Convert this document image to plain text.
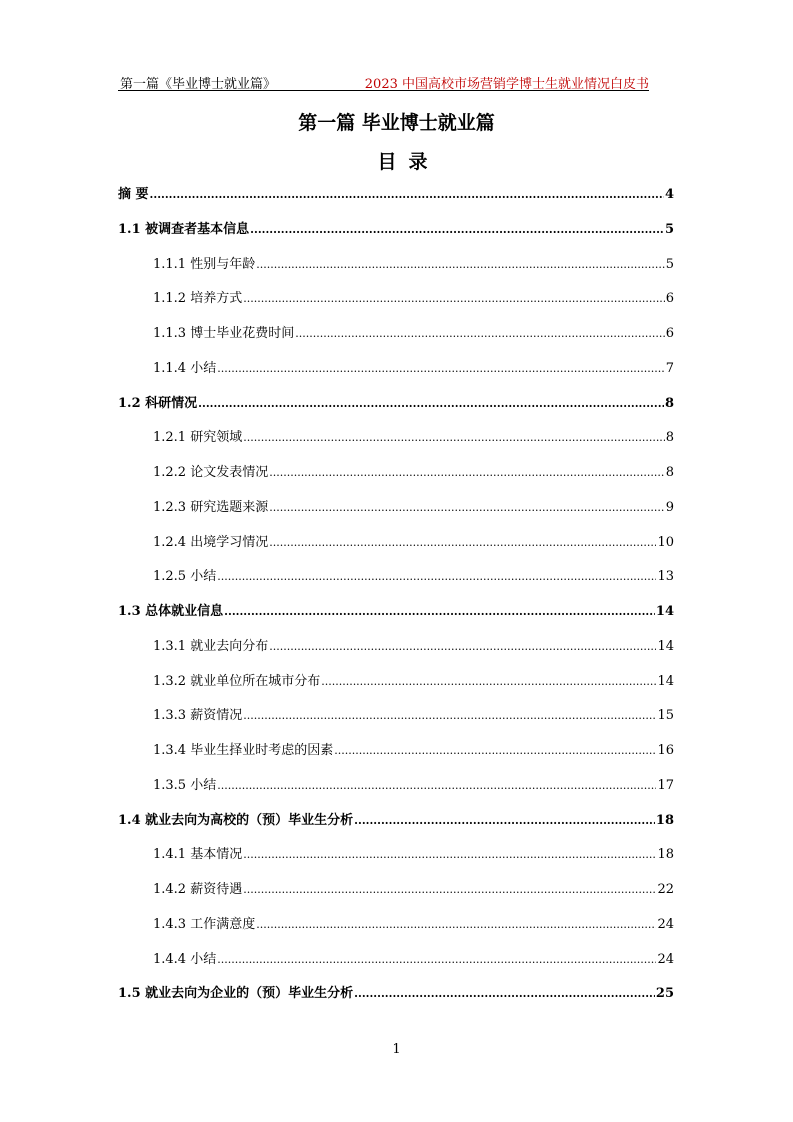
第一篇《毕业博士就业篇》	2023 中国高校市场营销学博士生就业情况白皮书
第一篇 毕业博士就业篇
目录
摘 要 .....	4
1.1 被调查者基本信息 .....	5
1.1.1 性别与年龄 .....	5
1.1.2 培养方式 .....	6
1.1.3 博士毕业花费时间 .....	6
1.1.4 小结 .....	7
1.2 科研情况 .....	8
1.2.1 研究领域 .....	8
1.2.2 论文发表情况 .....	8
1.2.3 研究选题来源 .....	9
1.2.4 出境学习情况 .....	10
1.2.5 小结 .....	13
1.3 总体就业信息 .....	14
1.3.1 就业去向分布 .....	14
1.3.2 就业单位所在城市分布 .....	14
1.3.3 薪资情况 .....	15
1.3.4 毕业生择业时考虑的因素 .....	16
1.3.5 小结 .....	17
1.4 就业去向为高校的（预）毕业生分析 .....	18
1.4.1 基本情况 .....	18
1.4.2 薪资待遇 .....	22
1.4.3 工作满意度 .....	24
1.4.4 小结 .....	24
1.5 就业去向为企业的（预）毕业生分析 .....	25
1
